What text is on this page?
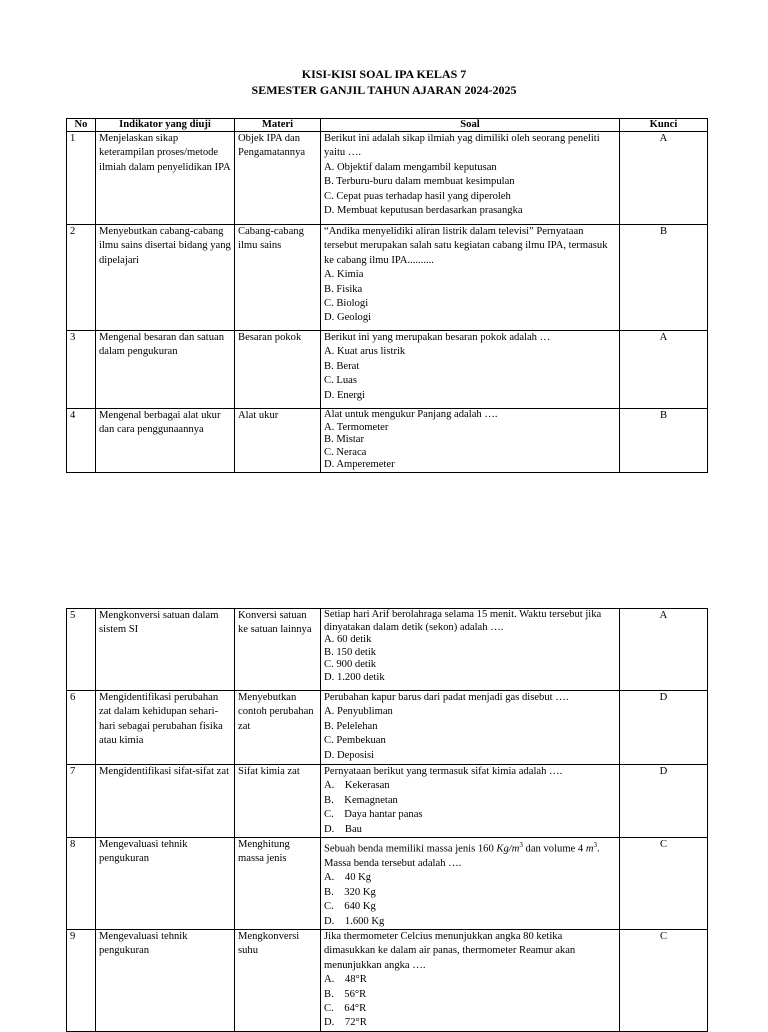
KISI-KISI SOAL IPA KELAS 7
SEMESTER GANJIL TAHUN AJARAN 2024-2025
No	Indikator yang diuji	Materi	Soal	Kunci
1	Menjelaskan sikap keterampilan proses/metode ilmiah dalam penyelidikan IPA	Objek IPA dan Pengamatannya	Berikut ini adalah sikap ilmiah yag dimiliki oleh seorang peneliti yaitu ….
A. Objektif dalam mengambil keputusan
B. Terburu-buru dalam membuat kesimpulan
C. Cepat puas terhadap hasil yang diperoleh
D. Membuat keputusan berdasarkan prasangka	A
2	Menyebutkan cabang-cabang ilmu sains disertai bidang yang dipelajari	Cabang-cabang ilmu sains	“Andika menyelidiki aliran listrik dalam televisi” Pernyataan tersebut merupakan salah satu kegiatan cabang ilmu IPA, termasuk ke cabang ilmu IPA..........
A. Kimia
B. Fisika
C. Biologi
D. Geologi	B
3	Mengenal besaran dan satuan dalam pengukuran	Besaran pokok	Berikut ini yang merupakan besaran pokok adalah …
A. Kuat arus listrik
B. Berat
C. Luas
D. Energi	A
4	Mengenal berbagai alat ukur dan cara penggunaannya	Alat ukur	Alat untuk mengukur Panjang adalah ….
A. Termometer
B. Mistar
C. Neraca
D. Amperemeter	B
5	Mengkonversi satuan dalam sistem SI	Konversi satuan ke satuan lainnya	Setiap hari Arif berolahraga selama 15 menit. Waktu tersebut jika dinyatakan dalam detik (sekon) adalah ….
A. 60 detik
B. 150 detik
C. 900 detik
D. 1.200 detik	A
6	Mengidentifikasi perubahan zat dalam kehidupan sehari-hari sebagai perubahan fisika atau kimia	Menyebutkan contoh perubahan zat	Perubahan kapur barus dari padat menjadi gas disebut ….
A. Penyubliman
B. Pelelehan
C. Pembekuan
D. Deposisi	D
7	Mengidentifikasi sifat-sifat zat	Sifat kimia zat	Pernyataan berikut yang termasuk sifat kimia adalah ….
A.    Kekerasan
B.    Kemagnetan
C.    Daya hantar panas
D.    Bau	D
8	Mengevaluasi tehnik pengukuran	Menghitung massa jenis	Sebuah benda memiliki massa jenis 160 $Kg/m^3$ dan volume 4 $m^3$. Massa benda tersebut adalah ….
A.    40 Kg
B.    320 Kg
C.    640 Kg
D.    1.600 Kg	C
9	Mengevaluasi tehnik pengukuran	Mengkonversi suhu	Jika thermometer Celcius menunjukkan angka 80 ketika dimasukkan ke dalam air panas, thermometer Reamur akan menunjukkan angka ….
A.    48°R
B.    56°R
C.    64°R
D.    72°R	C
